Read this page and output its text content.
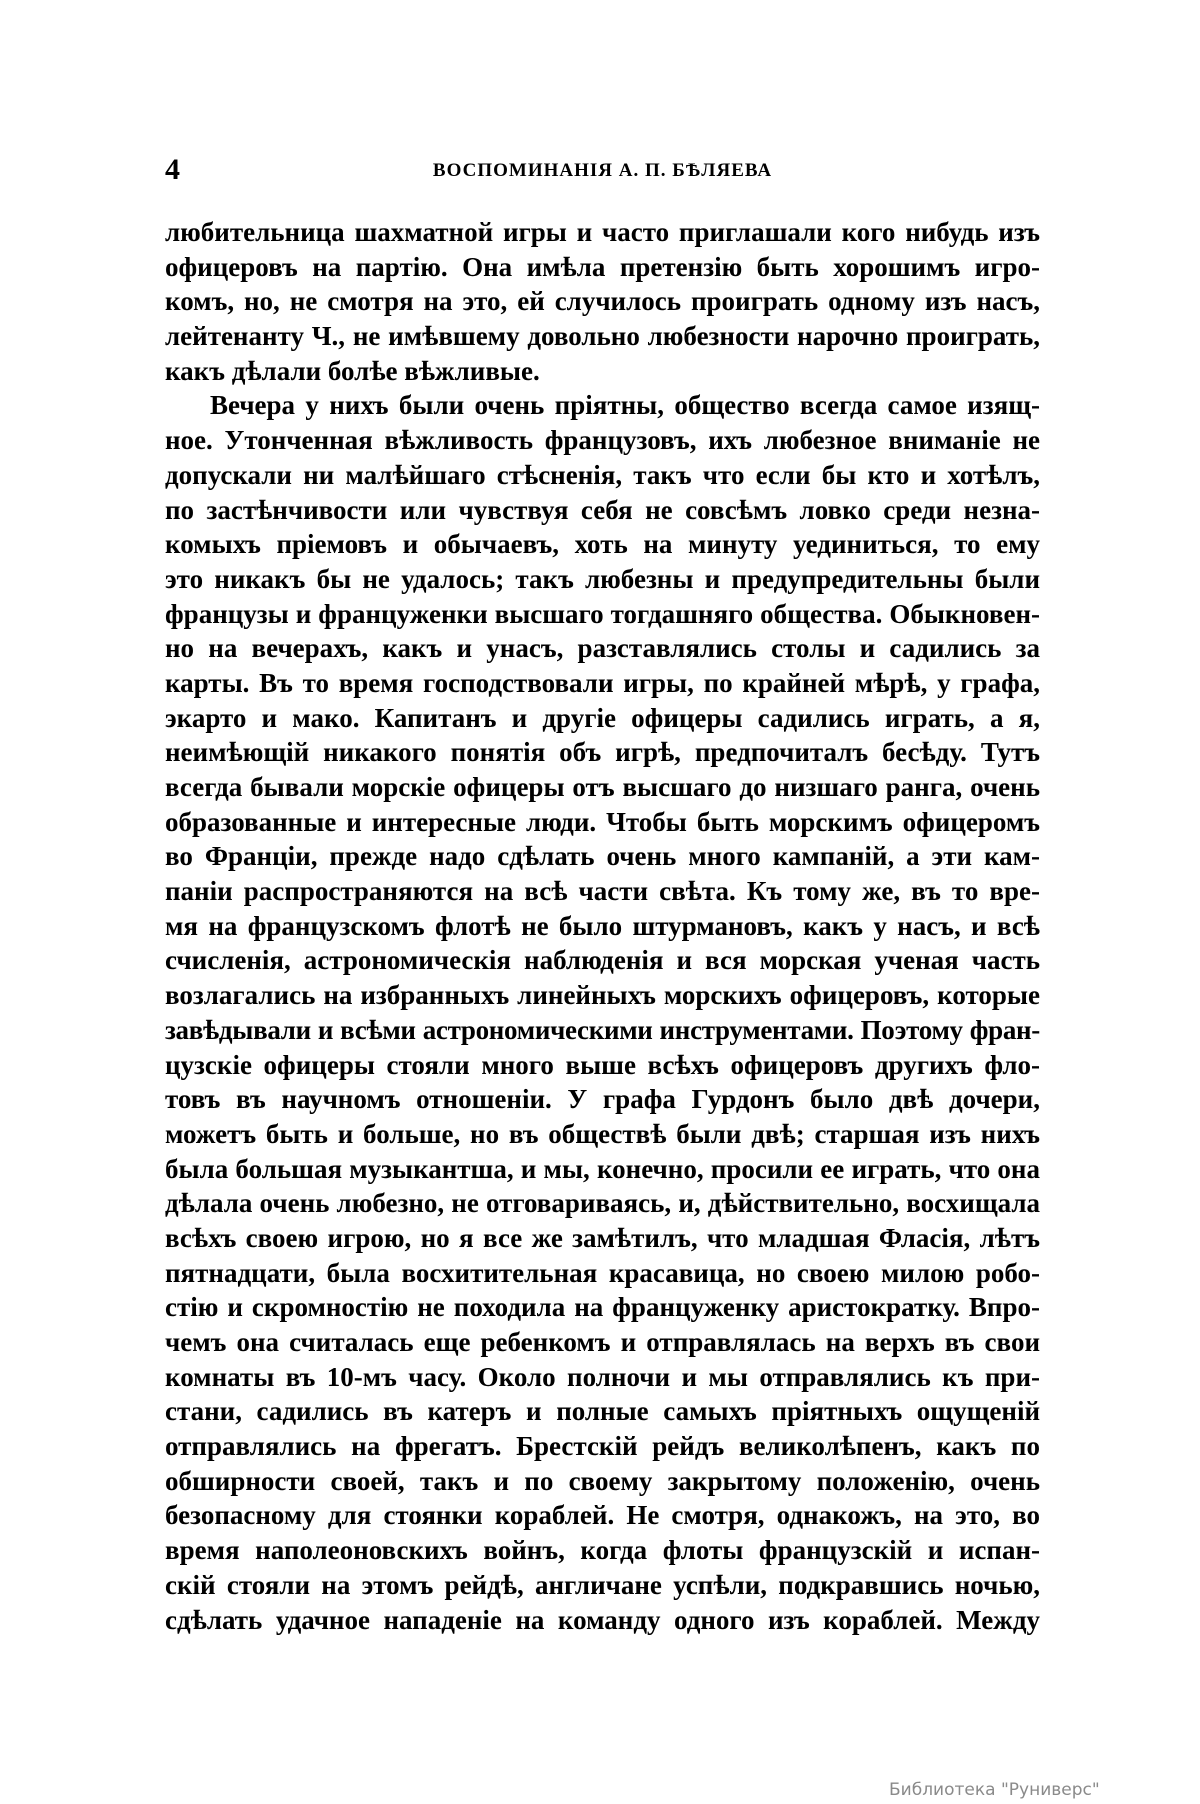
4	ВОСПОМИНАНІЯ А. П. БѢЛЯЕВА
любительница шахматной игры и часто приглашали кого нибудь изъ
офицеровъ на партію. Она имѣла претензію быть хорошимъ игро-
комъ, но, не смотря на это, ей случилось проиграть одному изъ насъ,
лейтенанту Ч., не имѣвшему довольно любезности нарочно проиграть,
какъ дѣлали болѣе вѣжливые.
Вечера у нихъ были очень пріятны, общество всегда самое изящ-
ное. Утонченная вѣжливость французовъ, ихъ любезное вниманіе не
допускали ни малѣйшаго стѣсненія, такъ что если бы кто и хотѣлъ,
по застѣнчивости или чувствуя себя не совсѣмъ ловко среди незна-
комыхъ пріемовъ и обычаевъ, хоть на минуту уединиться, то ему
это никакъ бы не удалось; такъ любезны и предупредительны были
французы и француженки высшаго тогдашняго общества. Обыкновен-
но на вечерахъ, какъ и унасъ, разставлялись столы и садились за
карты. Въ то время господствовали игры, по крайней мѣрѣ, у графа,
экарто и мако. Капитанъ и другіе офицеры садились играть, а я,
неимѣющій никакого понятія объ игрѣ, предпочиталъ бесѣду. Тутъ
всегда бывали морскіе офицеры отъ высшаго до низшаго ранга, очень
образованные и интересные люди. Чтобы быть морскимъ офицеромъ
во Франціи, прежде надо сдѣлать очень много кампаній, а эти кам-
паніи распространяются на всѣ части свѣта. Къ тому же, въ то вре-
мя на французскомъ флотѣ не было штурмановъ, какъ у насъ, и всѣ
счисленія, астрономическія наблюденія и вся морская ученая часть
возлагались на избранныхъ линейныхъ морскихъ офицеровъ, которые
завѣдывали и всѣми астрономическими инструментами. Поэтому фран-
цузскіе офицеры стояли много выше всѣхъ офицеровъ другихъ фло-
товъ въ научномъ отношеніи. У графа Гурдонъ было двѣ дочери,
можетъ быть и больше, но въ обществѣ были двѣ; старшая изъ нихъ
была большая музыкантша, и мы, конечно, просили ее играть, что она
дѣлала очень любезно, не отговариваясь, и, дѣйствительно, восхищала
всѣхъ своею игрою, но я все же замѣтилъ, что младшая Фласія, лѣтъ
пятнадцати, была восхитительная красавица, но своею милою робо-
стію и скромностію не походила на француженку аристократку. Впро-
чемъ она считалась еще ребенкомъ и отправлялась на верхъ въ свои
комнаты въ 10-мъ часу. Около полночи и мы отправлялись къ при-
стани, садились въ катеръ и полные самыхъ пріятныхъ ощущеній
отправлялись на фрегатъ. Брестскій рейдъ великолѣпенъ, какъ по
обширности своей, такъ и по своему закрытому положенію, очень
безопасному для стоянки кораблей. Не смотря, однакожъ, на это, во
время наполеоновскихъ войнъ, когда флоты французскій и испан-
скій стояли на этомъ рейдѣ, англичане успѣли, подкравшись ночью,
сдѣлать удачное нападеніе на команду одного изъ кораблей. Между
Библиотека "Руниверс"
